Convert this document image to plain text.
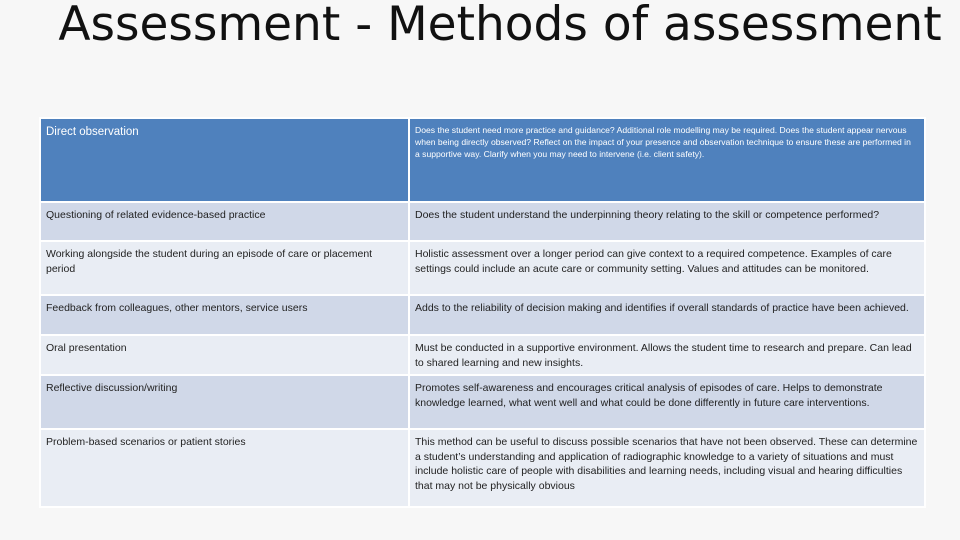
Assessment - Methods of assessment
Direct observation	Does the student need more practice and guidance? Additional role modelling may be required. Does the student appear nervous when being directly observed? Reflect on the impact of your presence and observation technique to ensure these are performed in a supportive way. Clarify when you may need to intervene (i.e. client safety).
Questioning of related evidence-based practice	Does the student understand the underpinning theory relating to the skill or competence performed?
Working alongside the student during an episode of care or placement period	Holistic assessment over a longer period can give context to a required competence. Examples of care settings could include an acute care or community setting. Values and attitudes can be monitored.
Feedback from colleagues, other mentors, service users	Adds to the reliability of decision making and identifies if overall standards of practice have been achieved.
Oral presentation	Must be conducted in a supportive environment. Allows the student time to research and prepare. Can lead to shared learning and new insights.
Reflective discussion/writing	Promotes self-awareness and encourages critical analysis of episodes of care. Helps to demonstrate knowledge learned, what went well and what could be done differently in future care interventions.
Problem-based scenarios or patient stories	This method can be useful to discuss possible scenarios that have not been observed. These can determine a student’s understanding and application of radiographic knowledge to a variety of situations and must include holistic care of people with disabilities and learning needs, including visual and hearing difficulties that may not be physically obvious
